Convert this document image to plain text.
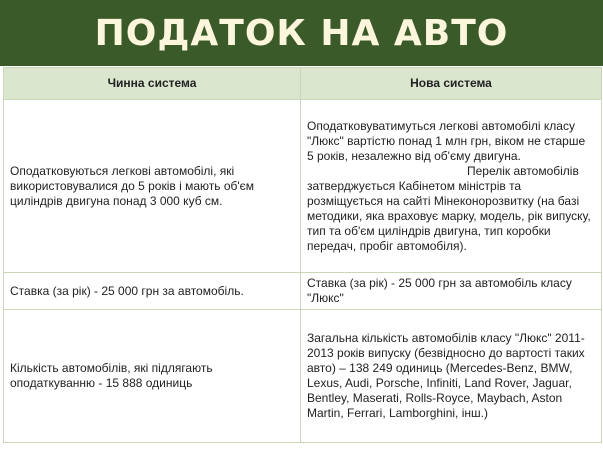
ПОДАТОК НА АВТО
Чинна система	Нова система
Оподатковуються легкові автомобілі, які використовувалися до 5 років і мають об'єм циліндрів двигуна понад 3 000 куб см.	Оподатковуватимуться легкові автомобілі класу "Люкс" вартістю понад 1 млн грн, віком не старше 5 років, незалежно від об'єму двигуна.
Перелік автомобілів затверджується Кабінетом міністрів та розміщується на сайті Мінеконорозвитку (на базі методики, яка враховує марку, модель, рік випуску, тип та об'єм циліндрів двигуна, тип коробки передач, пробіг автомобіля).

Ставка (за рік) - 25 000 грн за автомобіль.	Ставка (за рік) - 25 000 грн за автомобіль класу "Люкс"
Кількість автомобілів, які підлягають оподаткуванню - 15 888 одиниць	Загальна кількість автомобілів класу "Люкс" 2011-2013 років випуску (безвідносно до вартості таких авто) – 138 249 одиниць (Mercedes-Benz, BMW, Lexus, Audi, Porsche, Infiniti, Land Rover, Jaguar, Bentley, Maserati, Rolls-Royce, Maybach, Aston Martin, Ferrari, Lamborghini, інш.)
